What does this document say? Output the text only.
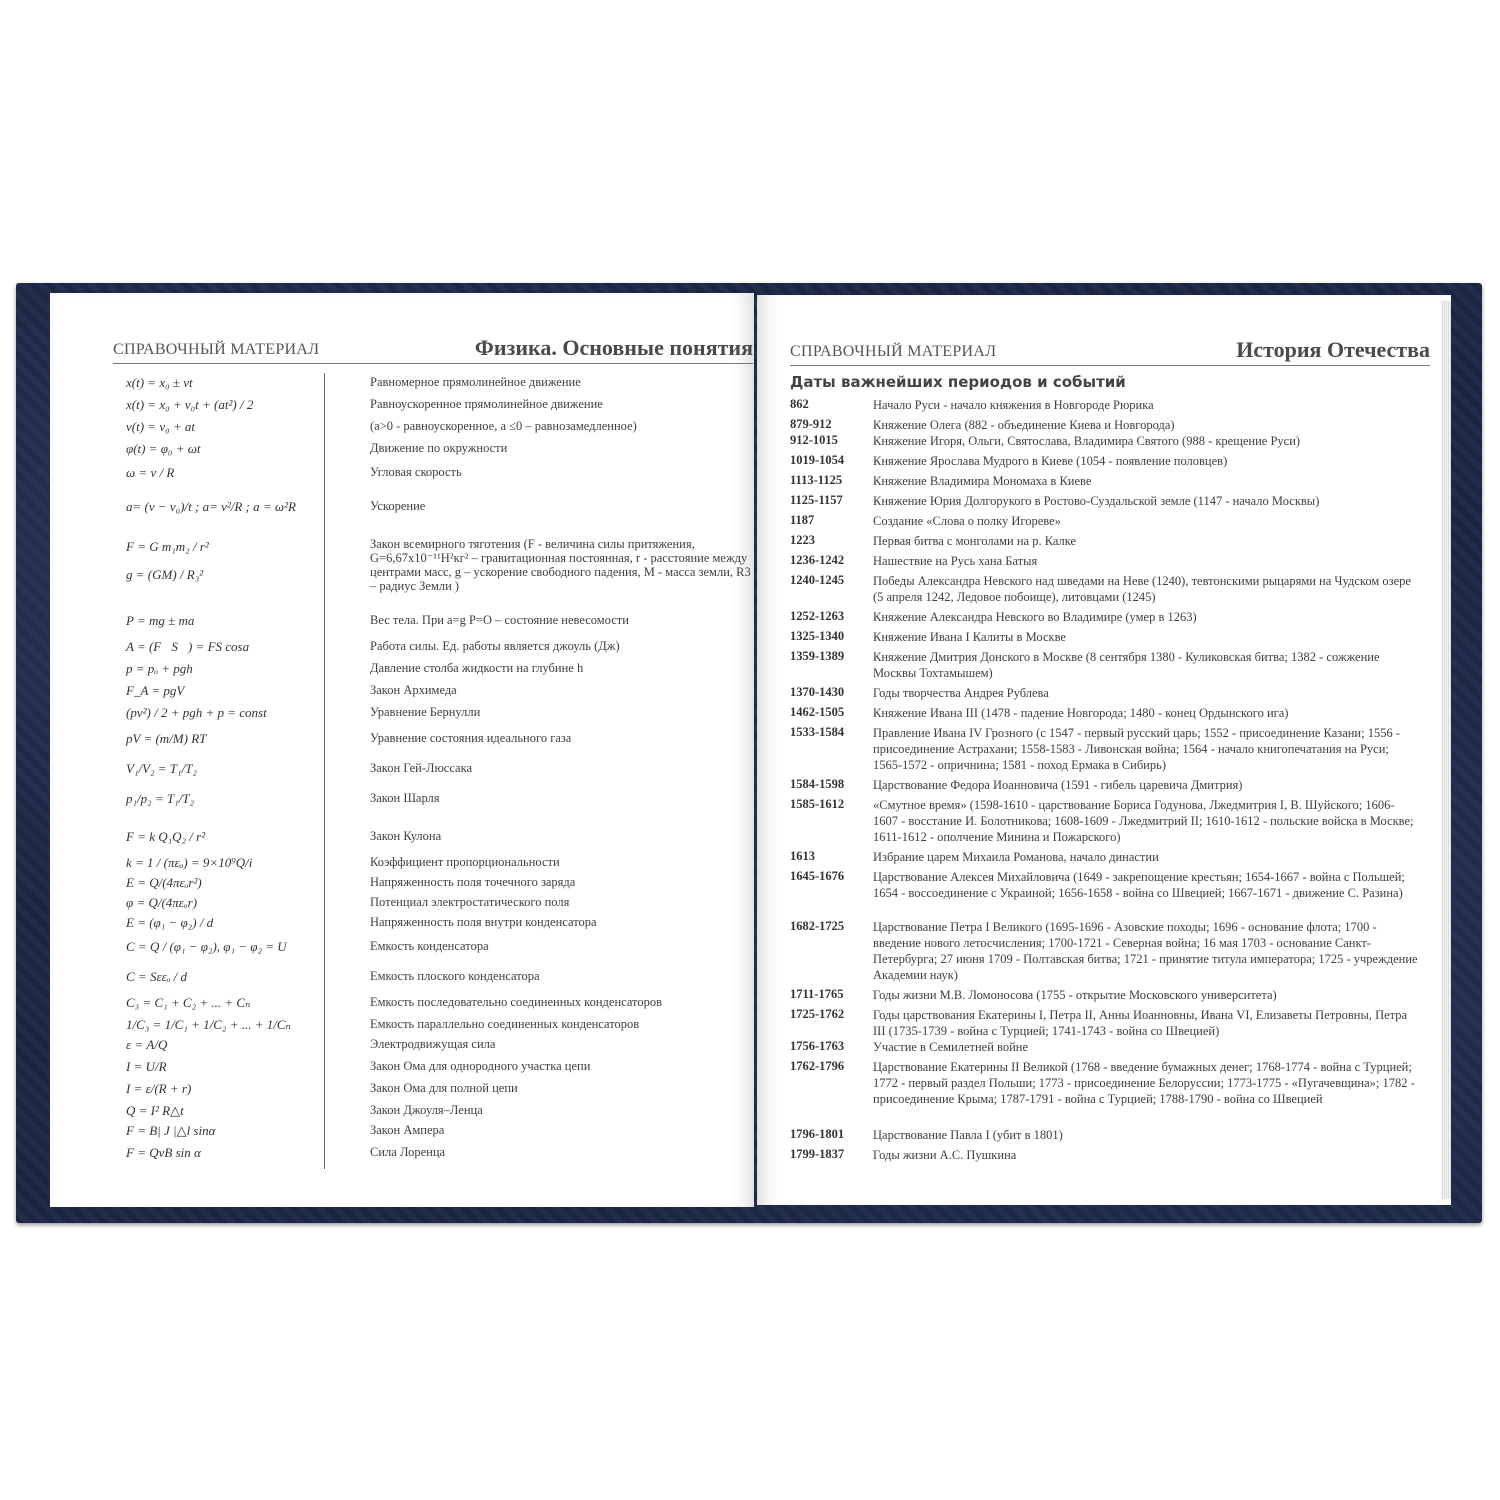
СПРАВОЧНЫЙ МАТЕРИАЛ	Физика. Основные понятия
x(t) = x₀ ± vt	Равномерное прямолинейное движение
x(t) = x₀ + v₀t + (at²) / 2	Равноускоренное прямолинейное движение
v(t) = v₀ + at	(a>0 - равноускоренное, a ≤0 – равнозамедленное)
φ(t) = φ₀ + ωt	Движение по окружности
ω = v / R	Угловая скорость
a= (v − v₀)/t ; a= v²/R ; a = ω²R	Ускорение
F = G m₁m₂ / r²	Закон всемирного тяготения (F - величина силы притяжения, G=6,67x10⁻¹¹Н²кг² – гравитационная постоянная, r - расстояние между центрами масс, g – ускорение свободного падения, M - масса земли, R3 – радиус Земли )
g = (GM) / R₃²
P = mg ± ma	Вес тела. При a=g P=O – состояние невесомости
A = (F⃗S⃗) = FS cosa	Работа силы. Ед. работы является джоуль (Дж)
p = pₒ + pgh	Давление столба жидкости на глубине h
F_A = pgV	Закон Архимеда
(pv²) / 2 + pgh + p = const	Уравнение Бернулли
pV = (m/M) RT	Уравнение состояния идеального газа
V₁/V₂ = T₁/T₂	Закон Гей-Люссака
p₁/p₂ = T₁/T₂	Закон Шарля
F = k Q₁Q₂ / r²	Закон Кулона
k = 1 / (πεₒ) = 9×10⁹Q/i	Коэффициент пропорциональности
E = Q/(4πεₒr²)	Напряженность поля точечного заряда
φ = Q/(4πεₒr)	Потенциал электростатического поля
E = (φ₁ − φ₂) / d	Напряженность поля внутри конденсатора
C = Q / (φ₁ − φ₂), φ₁ − φ₂ = U	Емкость конденсатора
C = Sεεₒ / d	Емкость плоского конденсатора
C₃ = C₁ + C₂ + ... + Cₙ	Емкость последовательно соединенных конденсаторов
1/C₃ = 1/C₁ + 1/C₂ + ... + 1/Cₙ	Емкость параллельно соединенных конденсаторов
ε = A/Q	Электродвижущая сила
I = U/R	Закон Ома для однородного участка цепи
I = ε/(R + r)	Закон Ома для полной цепи
Q = I² R△t	Закон Джоуля–Ленца
F = B| J |△l sinα	Закон Ампера
F = QvB sin α	Сила Лоренца
СПРАВОЧНЫЙ МАТЕРИАЛ	История Отечества
Даты важнейших периодов и событий
862	Начало Руси - начало княжения в Новгороде Рюрика
879-912	Княжение Олега (882 - объединение Киева и Новгорода)
912-1015	Княжение Игоря, Ольги, Святослава, Владимира Святого (988 - крещение Руси)
1019-1054	Княжение Ярослава Мудрого в Киеве (1054 - появление половцев)
1113-1125	Княжение Владимира Мономаха в Киеве
1125-1157	Княжение Юрия Долгорукого в Ростово-Суздальской земле (1147 - начало Москвы)
1187	Создание «Слова о полку Игореве»
1223	Первая битва с монголами на р. Калке
1236-1242	Нашествие на Русь хана Батыя
1240-1245	Победы Александра Невского над шведами на Неве (1240), тевтонскими рыцарями на Чудском озере (5 апреля 1242, Ледовое побоище), литовцами (1245)
1252-1263	Княжение Александра Невского во Владимире (умер в 1263)
1325-1340	Княжение Ивана I Калиты в Москве
1359-1389	Княжение Дмитрия Донского в Москве (8 сентября 1380 - Куликовская битва; 1382 - сожжение Москвы Тохтамышем)
1370-1430	Годы творчества Андрея Рублева
1462-1505	Княжение Ивана III (1478 - падение Новгорода; 1480 - конец Ордынского ига)
1533-1584	Правление Ивана IV Грозного (с 1547 - первый русский царь; 1552 - присоединение Казани; 1556 - присоединение Астрахани; 1558-1583 - Ливонская война; 1564 - начало книгопечатания на Руси; 1565-1572 - опричнина; 1581 - поход Ермака в Сибирь)
1584-1598	Царствование Федора Иоанновича (1591 - гибель царевича Дмитрия)
1585-1612	«Смутное время» (1598-1610 - царствование Бориса Годунова, Лжедмитрия I, В. Шуйского; 1606-1607 - восстание И. Болотникова; 1608-1609 - Лжедмитрий II; 1610-1612 - польские войска в Москве; 1611-1612 - ополчение Минина и Пожарского)
1613	Избрание царем Михаила Романова, начало династии
1645-1676	Царствование Алексея Михайловича (1649 - закрепощение крестьян; 1654-1667 - война с Польшей; 1654 - воссоединение с Украиной; 1656-1658 - война со Швецией; 1667-1671 - движение С. Разина)
1682-1725	Царствование Петра I Великого (1695-1696 - Азовские походы; 1696 - основание флота; 1700 - введение нового летосчисления; 1700-1721 - Северная война; 16 мая 1703 - основание Санкт-Петербурга; 27 июня 1709 - Полтавская битва; 1721 - принятие титула императора; 1725 - учреждение Академии наук)
1711-1765	Годы жизни М.В. Ломоносова (1755 - открытие Московского университета)
1725-1762	Годы царствования Екатерины I, Петра II, Анны Иоанновны, Ивана VI, Елизаветы Петровны, Петра III (1735-1739 - война с Турцией; 1741-1743 - война со Швецией)
1756-1763	Участие в Семилетней войне
1762-1796	Царствование Екатерины II Великой (1768 - введение бумажных денег; 1768-1774 - война с Турцией; 1772 - первый раздел Польши; 1773 - присоединение Белоруссии; 1773-1775 - «Пугачевщина»; 1782 - присоединение Крыма; 1787-1791 - война с Турцией; 1788-1790 - война со Швецией
1796-1801	Царствование Павла I (убит в 1801)
1799-1837	Годы жизни А.С. Пушкина
